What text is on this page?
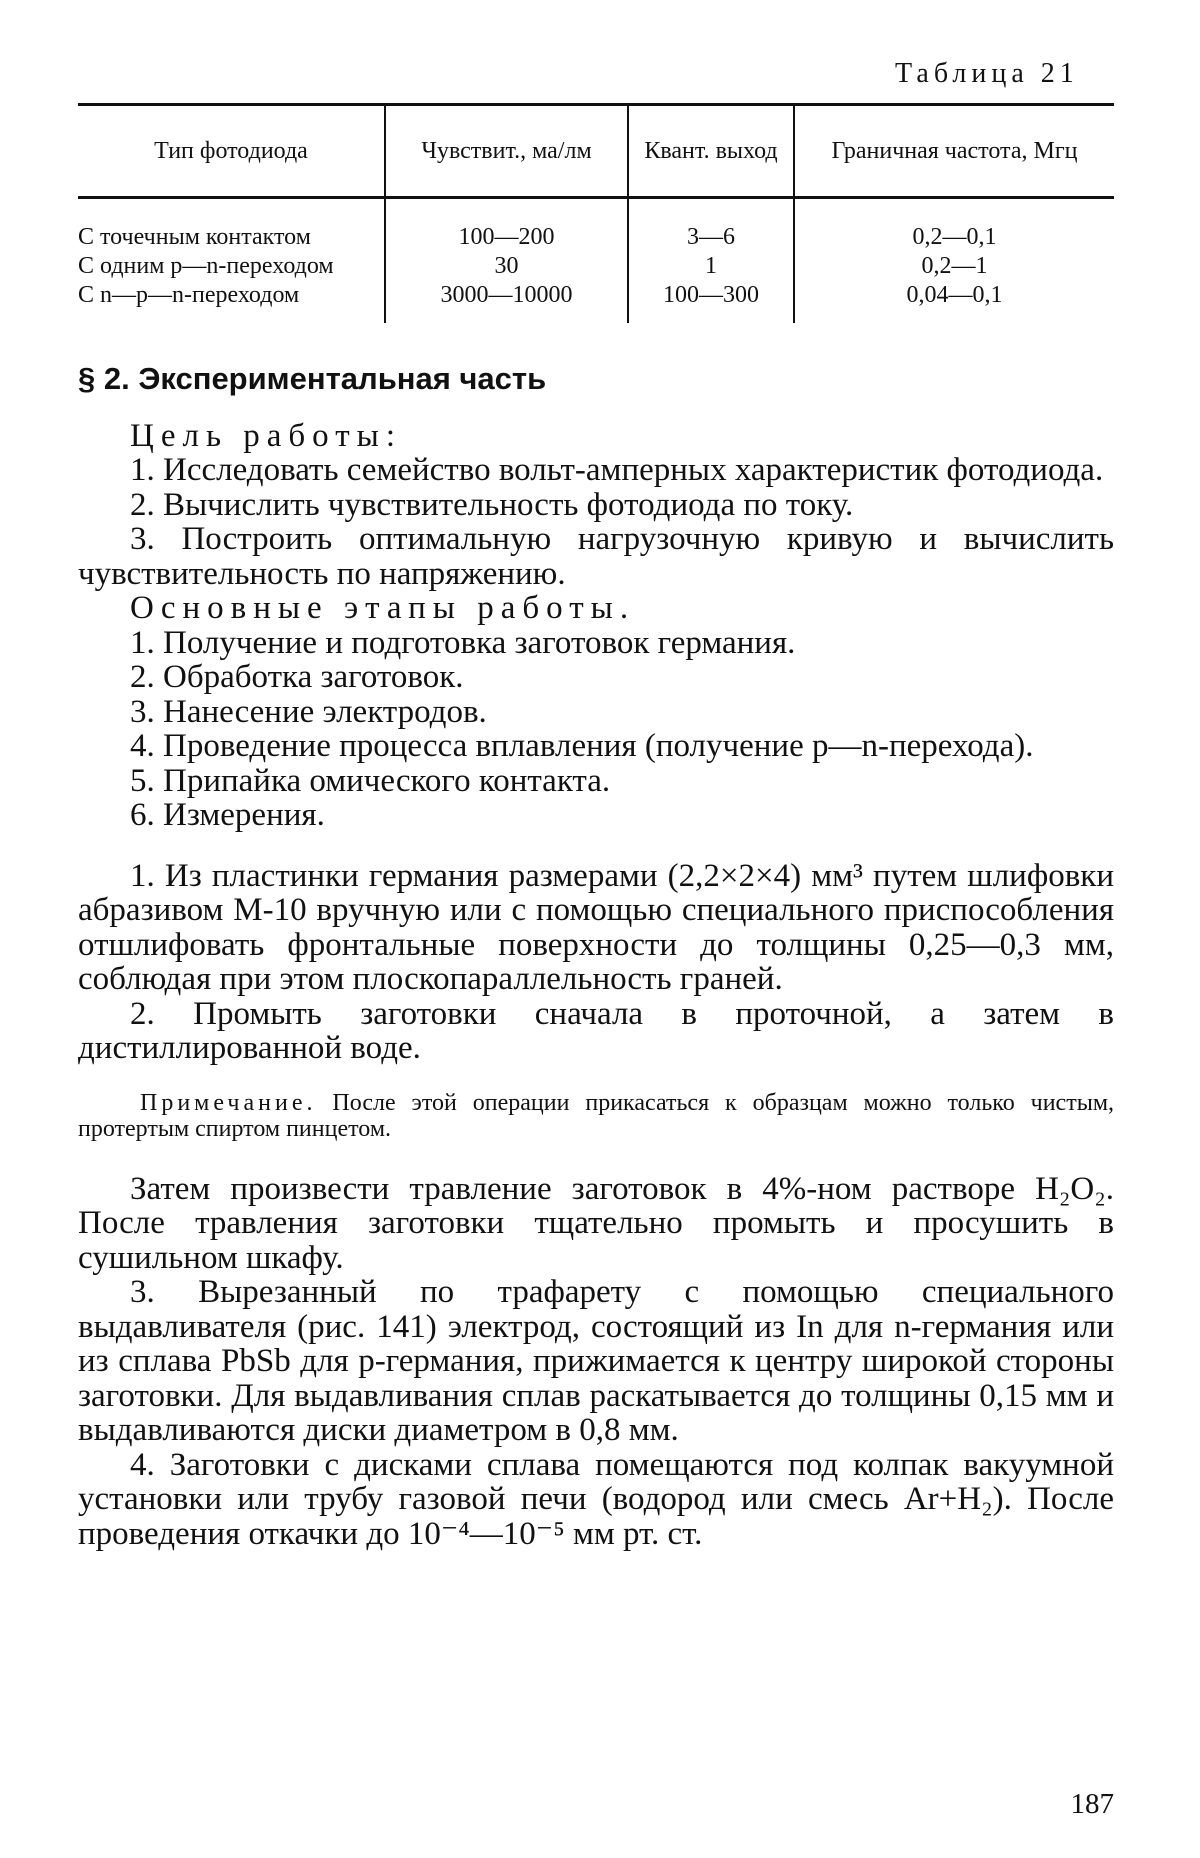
Таблица 21
Тип фотодиода	Чувствит., ма/лм	Квант. выход	Граничная частота, Мгц
С точечным контактом	100—200	3—6	0,2—0,1
С одним p—n-переходом	30	1	0,2—1
С n—p—n-переходом	3000—10000	100—300	0,04—0,1

§ 2. Экспериментальная часть

Цель работы:

1. Исследовать семейство вольт-амперных характеристик фотодиода.

2. Вычислить чувствительность фотодиода по току.

3. Построить оптимальную нагрузочную кривую и вычислить чувствительность по напряжению.

Основные этапы работы.

1. Получение и подготовка заготовок германия.

2. Обработка заготовок.

3. Нанесение электродов.

4. Проведение процесса вплавления (получение p—n-перехода).

5. Припайка омического контакта.

6. Измерения.

1. Из пластинки германия размерами (2,2×2×4) мм³ путем шлифовки абразивом М-10 вручную или с помощью специального приспособления отшлифовать фронтальные поверхности до толщины 0,25—0,3 мм, соблюдая при этом плоскопараллельность граней.

2. Промыть заготовки сначала в проточной, а затем в дистиллированной воде.

Примечание. После этой операции прикасаться к образцам можно только чистым, протертым спиртом пинцетом.

Затем произвести травление заготовок в 4%-ном растворе H₂O₂. После травления заготовки тщательно промыть и просушить в сушильном шкафу.

3. Вырезанный по трафарету с помощью специального выдавливателя (рис. 141) электрод, состоящий из In для n-германия или из сплава PbSb для p-германия, прижимается к центру широкой стороны заготовки. Для выдавливания сплав раскатывается до толщины 0,15 мм и выдавливаются диски диаметром в 0,8 мм.

4. Заготовки с дисками сплава помещаются под колпак вакуумной установки или трубу газовой печи (водород или смесь Ar+H₂). После проведения откачки до 10⁻⁴—10⁻⁵ мм рт. ст.

187
